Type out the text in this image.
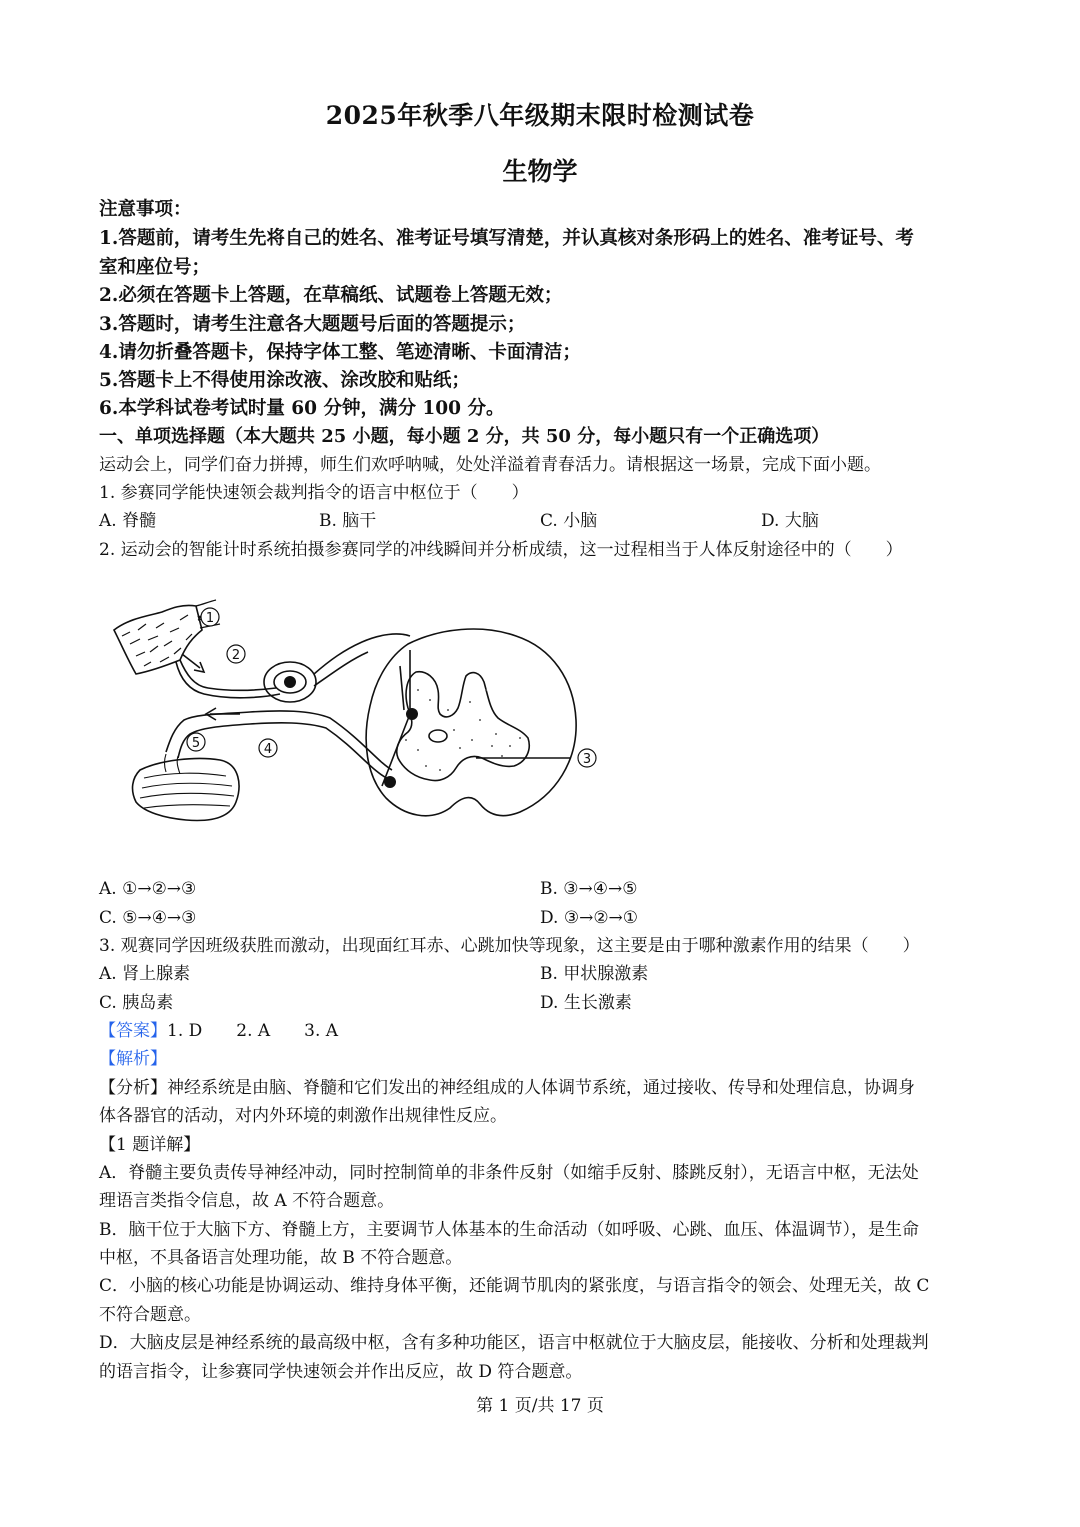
2025年秋季八年级期末限时检测试卷
生物学
注意事项：
1.答题前，请考生先将自己的姓名、准考证号填写清楚，并认真核对条形码上的姓名、准考证号、考
室和座位号；
2.必须在答题卡上答题，在草稿纸、试题卷上答题无效；
3.答题时，请考生注意各大题题号后面的答题提示；
4.请勿折叠答题卡，保持字体工整、笔迹清晰、卡面清洁；
5.答题卡上不得使用涂改液、涂改胶和贴纸；
6.本学科试卷考试时量 60 分钟，满分 100 分。
一、单项选择题（本大题共 25 小题，每小题 2 分，共 50 分，每小题只有一个正确选项）
运动会上，同学们奋力拼搏，师生们欢呼呐喊，处处洋溢着青春活力。请根据这一场景，完成下面小题。
1. 参赛同学能快速领会裁判指令的语言中枢位于（　　）
A. 脊髓	B. 脑干	C. 小脑	D. 大脑
2. 运动会的智能计时系统拍摄参赛同学的冲线瞬间并分析成绩，这一过程相当于人体反射途径中的（　　）
1
2
3
4
5
A. ①→②→③	B. ③→④→⑤
C. ⑤→④→③	D. ③→②→①
3. 观赛同学因班级获胜而激动，出现面红耳赤、心跳加快等现象，这主要是由于哪种激素作用的结果（　　）
A. 肾上腺素	B. 甲状腺激素
C. 胰岛素	D. 生长激素
【答案】1. D　　2. A　　3. A
【解析】
【分析】神经系统是由脑、脊髓和它们发出的神经组成的人体调节系统，通过接收、传导和处理信息，协调身
体各器官的活动，对内外环境的刺激作出规律性反应。
【1 题详解】
A．脊髓主要负责传导神经冲动，同时控制简单的非条件反射（如缩手反射、膝跳反射），无语言中枢，无法处
理语言类指令信息，故 A 不符合题意。
B．脑干位于大脑下方、脊髓上方，主要调节人体基本的生命活动（如呼吸、心跳、血压、体温调节），是生命
中枢，不具备语言处理功能，故 B 不符合题意。
C．小脑的核心功能是协调运动、维持身体平衡，还能调节肌肉的紧张度，与语言指令的领会、处理无关，故 C
不符合题意。
D．大脑皮层是神经系统的最高级中枢，含有多种功能区，语言中枢就位于大脑皮层，能接收、分析和处理裁判
的语言指令，让参赛同学快速领会并作出反应，故 D 符合题意。
第 1 页/共 17 页
